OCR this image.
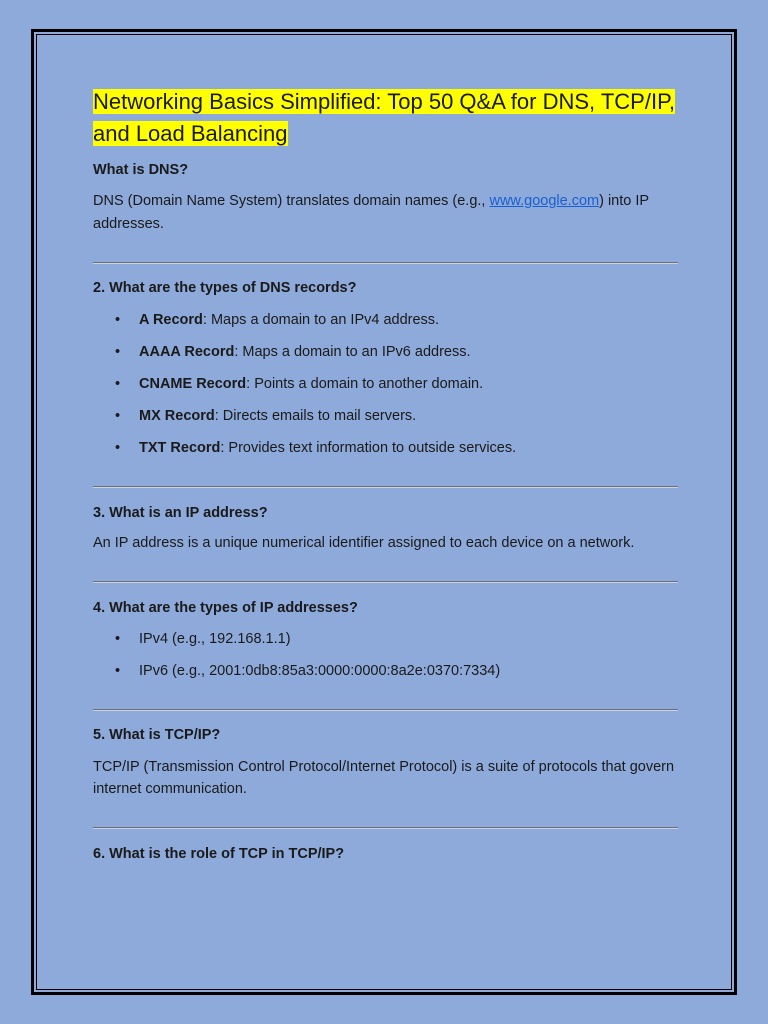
Networking Basics Simplified: Top 50 Q&A for DNS, TCP/IP, and Load Balancing

What is DNS?

DNS (Domain Name System) translates domain names (e.g., www.google.com) into IP addresses.

2. What are the types of DNS records?

• A Record: Maps a domain to an IPv4 address.
• AAAA Record: Maps a domain to an IPv6 address.
• CNAME Record: Points a domain to another domain.
• MX Record: Directs emails to mail servers.
• TXT Record: Provides text information to outside services.

3. What is an IP address?

An IP address is a unique numerical identifier assigned to each device on a network.

4. What are the types of IP addresses?

• IPv4 (e.g., 192.168.1.1)
• IPv6 (e.g., 2001:0db8:85a3:0000:0000:8a2e:0370:7334)

5. What is TCP/IP?

TCP/IP (Transmission Control Protocol/Internet Protocol) is a suite of protocols that govern internet communication.

6. What is the role of TCP in TCP/IP?
